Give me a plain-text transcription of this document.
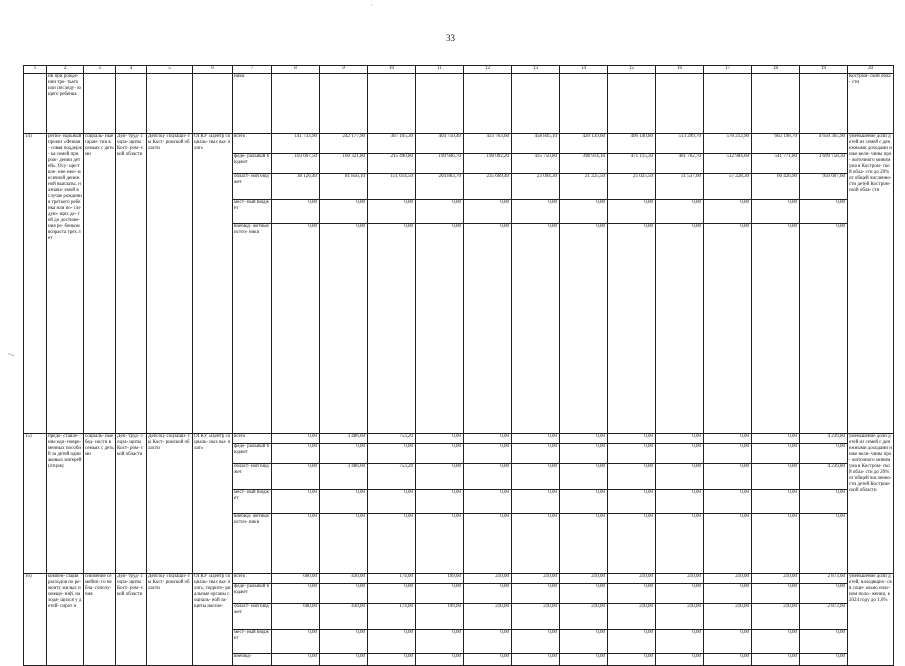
'
33
~-
1	2	3	4	5	6	7	8	9	10	11	12	13	14	15	16	17	18	19	20
	ии при рожде- нии тре- тьего или последу- ющего ребенка					ники													Костром- ской обла- сти
14)	регио- нальный проект «Финан- совая поддерж- ка семей при рож- дении детей». Осу- ществле- ние еже- месячной денежной выплаты, назнача- емой в случае рождения третьего ребенка или по- следую- щих де- тей до достиже- ния ре- бенком возраста трех лет	социаль- ные гаран- тии в семьях с детьми	Деп- труд- соцза- щиты Кост- ром- ской области	Депсоц- соцзащи- ты Кост- ромской области	ОГКУ «Центр социаль- ных вы- плат»	всего	141 733,90	242 177,90	367 105,30	404 750,40	433 763,60	458 845,10	420 139,60	496 140,80	513 299,70	570 212,90	602 198,70	4 650 365,90	уменьшение доли детей из семей с денежными доходами ниже вели- чины про- житочного минимума в Костром- ской обла- сти до 20% от общей численно- сти детей Костром- ской обла- сти
						феде- ральный бюджет	103 607,50	160 321,80	215 490,80	199 946,70	198 092,20	435 750,80	398 914,10	471 115,30	461 762,70	512 984,60	541 771,80	3 699 758,30	
						област- ной бюджет	38 126,40	81 856,10	151 614,50	204 803,70	235 669,40	23 094,30	21 225,50	25 025,50	51 537,00	57 228,30	60 426,90	950 607,60	
						мест- ный бюджет	0,00	0,00	0,00	0,00	0,00	0,00	0,00	0,00	0,00	0,00	0,00	0,00	
						внебюд- жетные источ- ники	0,00	0,00	0,00	0,00	0,00	0,00	0,00	0,00	0,00	0,00	0,00	0,00	
15)	предо- ставле- ние еди- новре- менных пособий за детей одинаковых матерей (отцов)	социаль- ные бед- ности в семьях с детьми	Деп- труд- соцза- щиты Кост- ром- ской области	Депсоц- соцзащи- ты Кост- ромской области	ОГКУ «Центр социаль- ных вы- плат»	всего	0,00	3 486,60	753,20	0,00	0,00	0,00	0,00	0,00	0,00	0,00	0,00	4 239,80	уменьшение доли детей из семей с денежными доходами ниже вели- чины про- житочного минимума в Костром- ской обла- сти до 20% от общей численно- сти детей Костром- ской области
						феде- ральный бюджет	0,00	0,00	0,00	0,00	0,00	0,00	0,00	0,00	0,00	0,00	0,00	0,00	
						област- ной бюджет	0,00	3 486,60	753,20	0,00	0,00	0,00	0,00	0,00	0,00	0,00	0,00	4 239,80	
						мест- ный бюджет	0,00	0,00	0,00	0,00	0,00	0,00	0,00	0,00	0,00	0,00	0,00	0,00	
						внебюд- жетные источ- ники	0,00	0,00	0,00	0,00	0,00	0,00	0,00	0,00	0,00	0,00	0,00	0,00	
16)	компен- сация расходов по ре- монту жилых помеще- ний, находя- щихся у детей- сирот и	снижение семейно- го небла- гополу- чия	Деп- труд- соцза- щиты Кост- ром- ской области	Депсоц- соцзащи- ты Кост- ромской области	ОГКУ «Центр социаль- ных вы- плат», террито- риальные органы социаль- ной за- щиты населе-	всего	600,00	430,00	174,00	199,60	210,00	210,00	210,00	210,00	210,00	210,00	210,00	2 873,60	уменьшение доли детей, находящих- ся в соци- ально опас- ном поло- жении, к 2024 году до 1,0%
						феде- ральный бюджет	0,00	0,00	0,00	0,00	0,00	0,00	0,00	0,00	0,00	0,00	0,00	0,00	
						област- ной бюджет	600,00	430,00	174,00	199,60	210,00	210,00	210,00	210,00	210,00	210,00	210,00	2 873,60	
						мест- ный бюджет	0,00	0,00	0,00	0,00	0,00	0,00	0,00	0,00	0,00	0,00	0,00	0,00	
						внебюд-	0,00	0,00	0,00	0,00	0,00	0,00	0,00	0,00	0,00	0,00	0,00	0,00	
